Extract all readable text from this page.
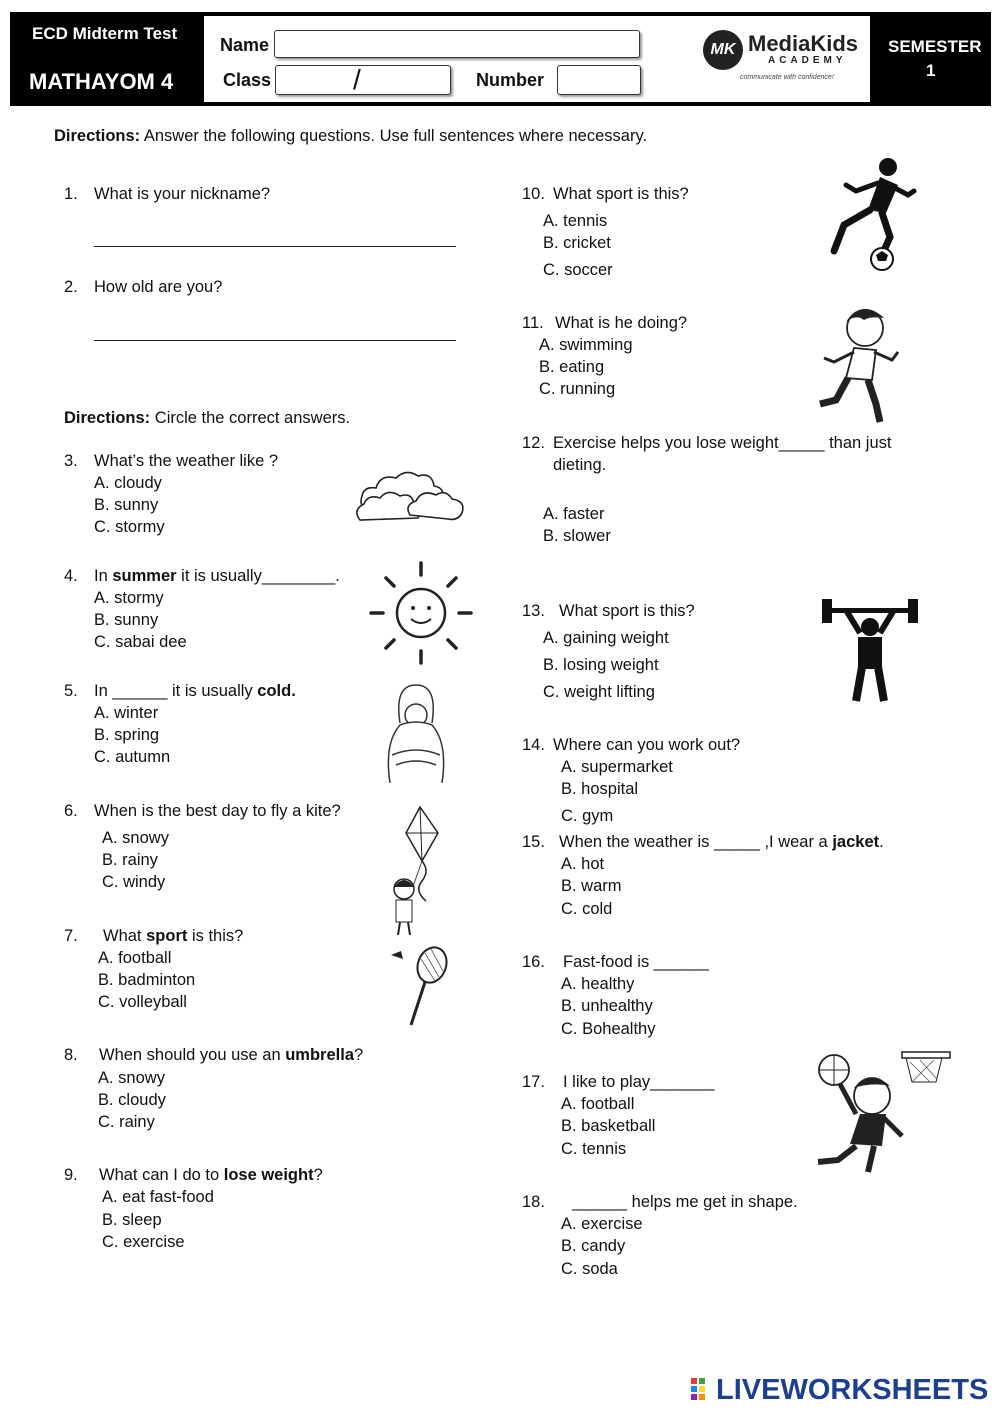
ECD Midterm Test
MATHAYOM 4
Name
Class	/	Number
MK MediaKids
ACADEMY
communicate with confidence!
SEMESTER
1
Directions: Answer the following questions. Use full sentences where necessary.
1. What is your nickname?
2. How old are you?
Directions: Circle the correct answers.
3. What’s the weather like ?
A. cloudy
B. sunny
C. stormy
4. In summer it is usually________.
A. stormy
B. sunny
C. sabai dee
5. In ______ it is usually cold.
A. winter
B. spring
C. autumn
6. When is the best day to fly a kite?
A. snowy
B. rainy
C. windy
7. What sport is this?
A. football
B. badminton
C. volleyball
8. When should you use an umbrella?
A. snowy
B. cloudy
C. rainy
9. What can I do to lose weight?
A. eat fast-food
B. sleep
C. exercise
10. What sport is this?
A. tennis
B. cricket
C. soccer
11. What is he doing?
A. swimming
B. eating
C. running
12. Exercise helps you lose weight_____ than just
dieting.
A. faster
B. slower
13. What sport is this?
A. gaining weight
B. losing weight
C. weight lifting
14. Where can you work out?
A. supermarket
B. hospital
C. gym
15. When the weather is _____ ,I wear a jacket.
A. hot
B. warm
C. cold
16. Fast-food is ______
A. healthy
B. unhealthy
C. Bohealthy
17. I like to play_______
A. football
B. basketball
C. tennis
18. ______ helps me get in shape.
A. exercise
B. candy
C. soda
LIVEWORKSHEETS
